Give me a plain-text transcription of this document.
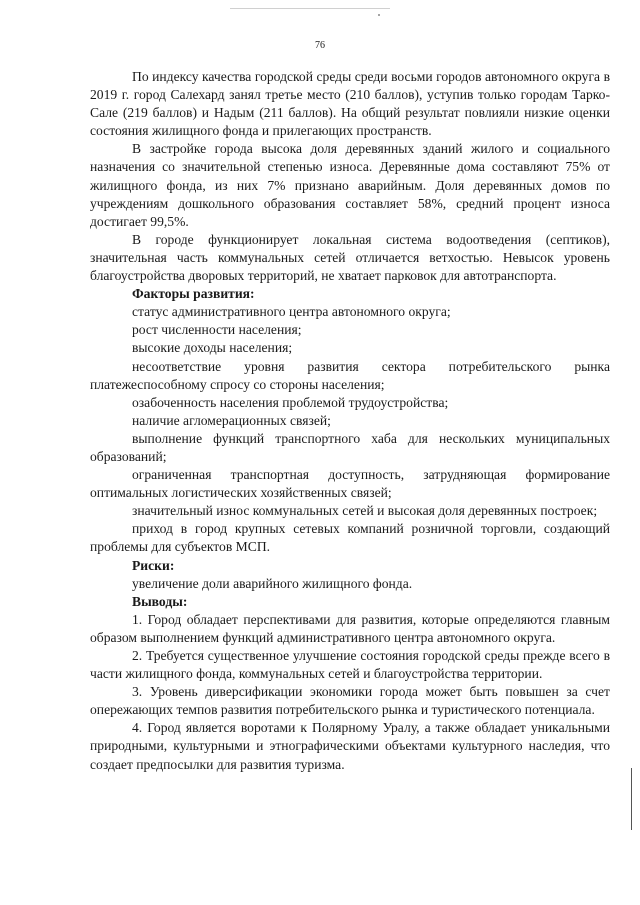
76

По индексу качества городской среды среди восьми городов автономного округа в 2019 г. город Салехард занял третье место (210 баллов), уступив только городам Тарко-Сале (219 баллов) и Надым (211 баллов). На общий результат повлияли низкие оценки состояния жилищного фонда и прилегающих пространств.

В застройке города высока доля деревянных зданий жилого и социального назначения со значительной степенью износа. Деревянные дома составляют 75% от жилищного фонда, из них 7% признано аварийным. Доля деревянных домов по учреждениям дошкольного образования составляет 58%, средний процент износа достигает 99,5%.

В городе функционирует локальная система водоотведения (септиков), значительная часть коммунальных сетей отличается ветхостью. Невысок уровень благоустройства дворовых территорий, не хватает парковок для автотранспорта.

Факторы развития:

статус административного центра автономного округа;

рост численности населения;

высокие доходы населения;

несоответствие уровня развития сектора потребительского рынка платежеспособному спросу со стороны населения;

озабоченность населения проблемой трудоустройства;

наличие агломерационных связей;

выполнение функций транспортного хаба для нескольких муниципальных образований;

ограниченная транспортная доступность, затрудняющая формирование оптимальных логистических хозяйственных связей;

значительный износ коммунальных сетей и высокая доля деревянных построек;

приход в город крупных сетевых компаний розничной торговли, создающий проблемы для субъектов МСП.

Риски:

увеличение доли аварийного жилищного фонда.

Выводы:

1. Город обладает перспективами для развития, которые определяются главным образом выполнением функций административного центра автономного округа.

2. Требуется существенное улучшение состояния городской среды прежде всего в части жилищного фонда, коммунальных сетей и благоустройства территории.

3. Уровень диверсификации экономики города может быть повышен за счет опережающих темпов развития потребительского рынка и туристического потенциала.

4. Город является воротами к Полярному Уралу, а также обладает уникальными природными, культурными и этнографическими объектами культурного наследия, что создает предпосылки для развития туризма.
